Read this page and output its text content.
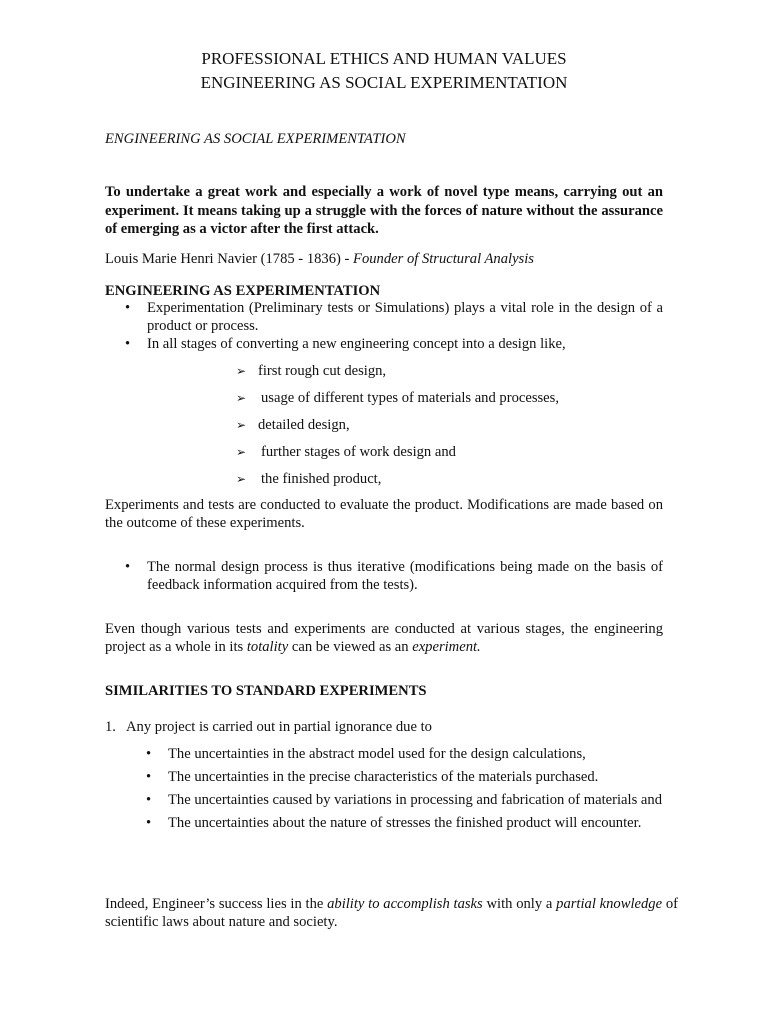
PROFESSIONAL ETHICS AND HUMAN VALUES
ENGINEERING AS SOCIAL EXPERIMENTATION
ENGINEERING AS SOCIAL EXPERIMENTATION
To undertake a great work and especially a work of novel type means, carrying out an experiment. It means taking up a struggle with the forces of nature without the assurance of emerging as a victor after the first attack.
Louis Marie Henri Navier (1785 - 1836) - Founder of Structural Analysis
ENGINEERING AS EXPERIMENTATION
• Experimentation (Preliminary tests or Simulations) plays a vital role in the design of a product or process.
• In all stages of converting a new engineering concept into a design like,
➢ first rough cut design,
➢ usage of different types of materials and processes,
➢ detailed design,
➢ further stages of work design and
➢ the finished product,
Experiments and tests are conducted to evaluate the product. Modifications are made based on the outcome of these experiments.
• The normal design process is thus iterative (modifications being made on the basis of feedback information acquired from the tests).
Even though various tests and experiments are conducted at various stages, the engineering project as a whole in its totality can be viewed as an experiment.
SIMILARITIES TO STANDARD EXPERIMENTS
1. Any project is carried out in partial ignorance due to
• The uncertainties in the abstract model used for the design calculations,
• The uncertainties in the precise characteristics of the materials purchased.
• The uncertainties caused by variations in processing and fabrication of materials and
• The uncertainties about the nature of stresses the finished product will encounter.
Indeed, Engineer’s success lies in the ability to accomplish tasks with only a partial knowledge of scientific laws about nature and society.
